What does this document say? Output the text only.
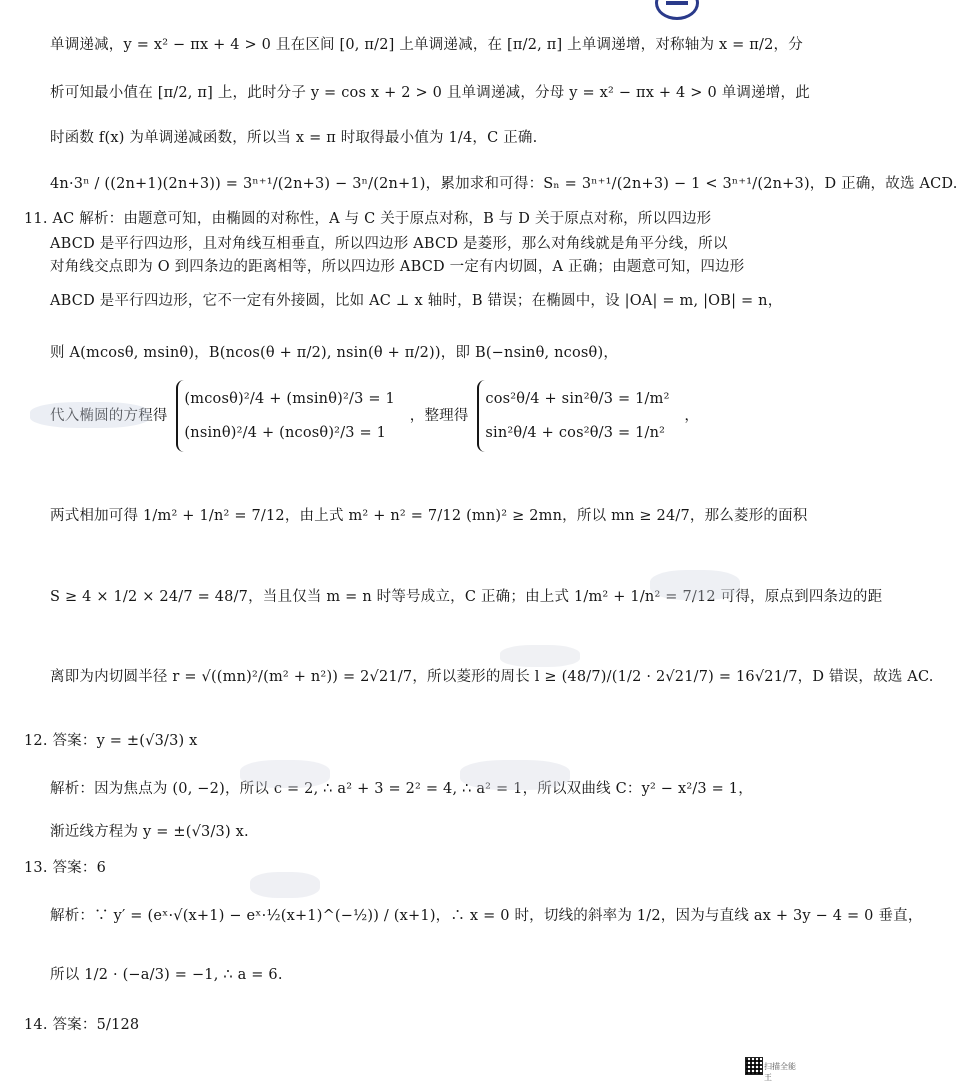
单调递减，y = x² − πx + 4 > 0 且在区间 [0, π/2] 上单调递减，在 [π/2, π] 上单调递增，对称轴为 x = π/2，分
析可知最小值在 [π/2, π] 上，此时分子 y = cos x + 2 > 0 且单调递减，分母 y = x² − πx + 4 > 0 单调递增，此
时函数 f(x) 为单调递减函数，所以当 x = π 时取得最小值为 1/4，C 正确.
4n·3ⁿ / ((2n+1)(2n+3)) = 3ⁿ⁺¹/(2n+3) − 3ⁿ/(2n+1)，累加求和可得：Sₙ = 3ⁿ⁺¹/(2n+3) − 1 < 3ⁿ⁺¹/(2n+3)，D 正确，故选 ACD.
11. AC 解析：由题意可知，由椭圆的对称性，A 与 C 关于原点对称，B 与 D 关于原点对称，所以四边形
ABCD 是平行四边形，且对角线互相垂直，所以四边形 ABCD 是菱形，那么对角线就是角平分线，所以
对角线交点即为 O 到四条边的距离相等，所以四边形 ABCD 一定有内切圆，A 正确；由题意可知，四边形
ABCD 是平行四边形，它不一定有外接圆，比如 AC ⊥ x 轴时，B 错误；在椭圆中，设 |OA| = m, |OB| = n，
则 A(mcosθ, msinθ)，B(ncos(θ + π/2), nsin(θ + π/2))，即 B(−nsinθ, ncosθ)，
代入椭圆的方程得
(mcosθ)²/4 + (msinθ)²/3 = 1
(nsinθ)²/4 + (ncosθ)²/3 = 1
，整理得
cos²θ/4 + sin²θ/3 = 1/m²
sin²θ/4 + cos²θ/3 = 1/n²
，
两式相加可得 1/m² + 1/n² = 7/12，由上式 m² + n² = 7/12 (mn)² ≥ 2mn，所以 mn ≥ 24/7，那么菱形的面积
S ≥ 4 × 1/2 × 24/7 = 48/7，当且仅当 m = n 时等号成立，C 正确；由上式 1/m² + 1/n² = 7/12 可得，原点到四条边的距
离即为内切圆半径 r = √((mn)²/(m² + n²)) = 2√21/7，所以菱形的周长 l ≥ (48/7)/(1/2 · 2√21/7) = 16√21/7，D 错误，故选 AC.
12. 答案：y = ±(√3/3) x
解析：因为焦点为 (0, −2)，所以 c = 2, ∴ a² + 3 = 2² = 4, ∴ a² = 1，所以双曲线 C：y² − x²/3 = 1，
渐近线方程为 y = ±(√3/3) x.
13. 答案：6
解析：∵ y′ = (eˣ·√(x+1) − eˣ·½(x+1)^(−½)) / (x+1)，∴ x = 0 时，切线的斜率为 1/2，因为与直线 ax + 3y − 4 = 0 垂直，
所以 1/2 · (−a/3) = −1, ∴ a = 6.
14. 答案：5/128
扫描全能王
